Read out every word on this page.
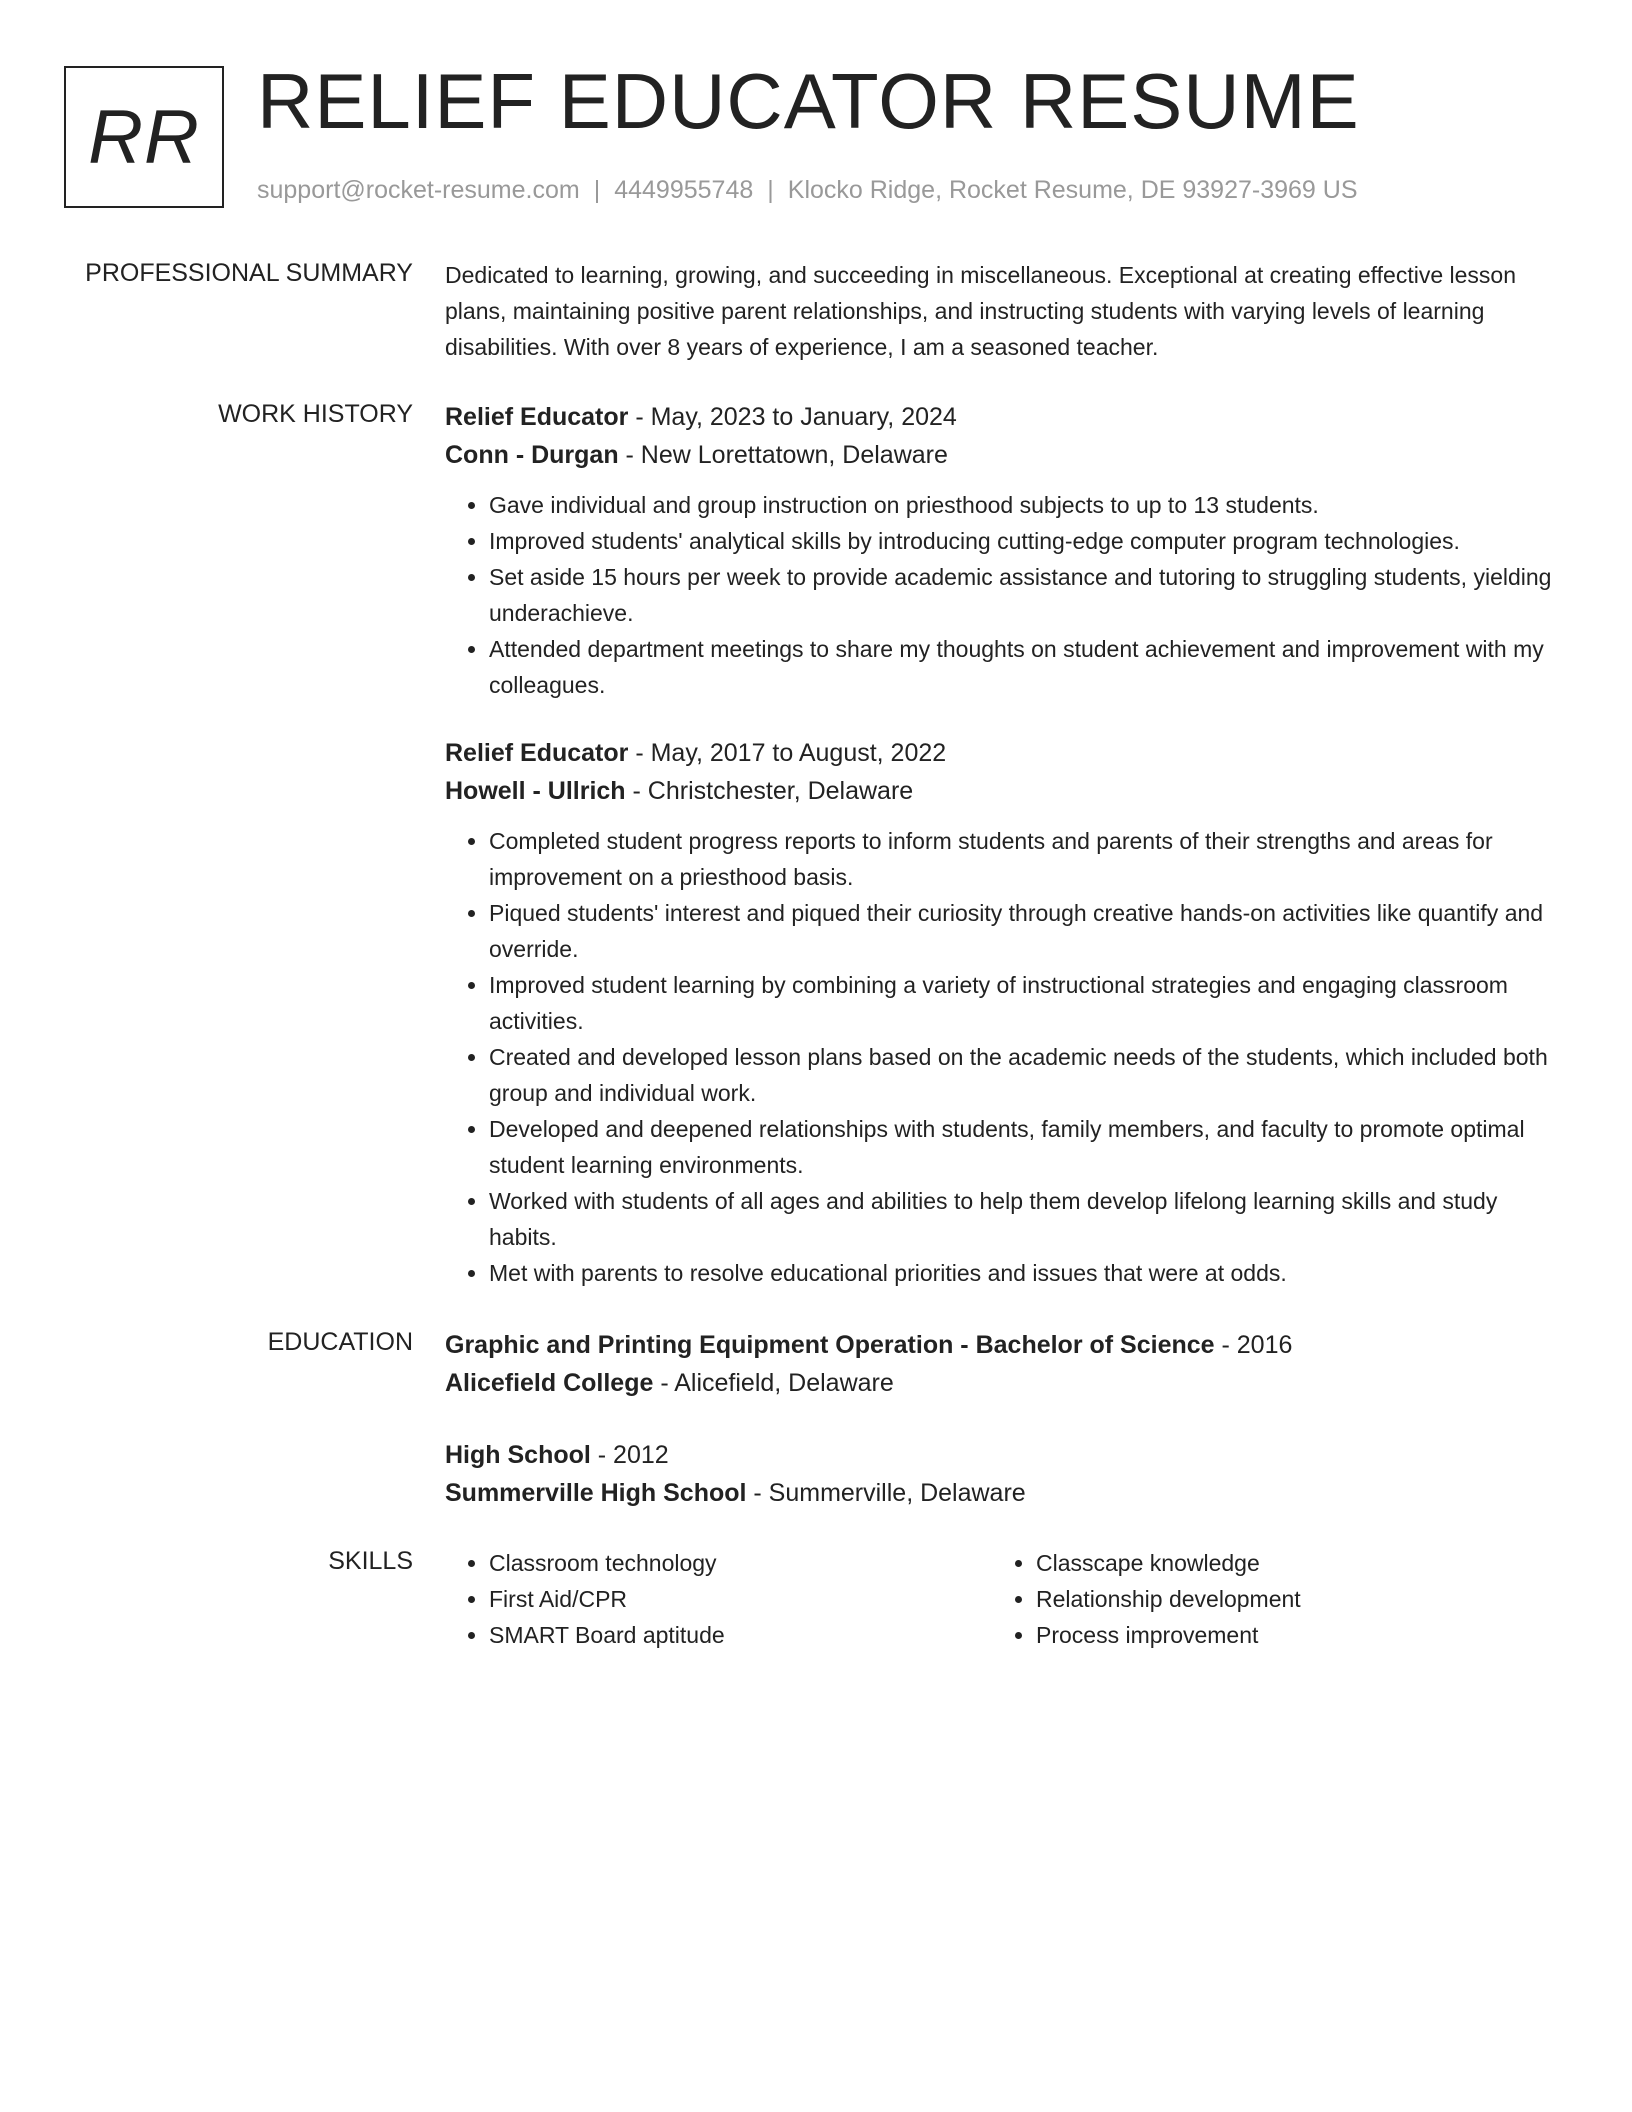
RR RELIEF EDUCATOR RESUME
support@rocket-resume.com | 4449955748 | Klocko Ridge, Rocket Resume, DE 93927-3969 US
PROFESSIONAL SUMMARY Dedicated to learning, growing, and succeeding in miscellaneous. Exceptional at creating effective lesson plans, maintaining positive parent relationships, and instructing students with varying levels of learning disabilities. With over 8 years of experience, I am a seasoned teacher.

WORK HISTORY Relief Educator - May, 2023 to January, 2024
Conn - Durgan - New Lorettatown, Delaware
• Gave individual and group instruction on priesthood subjects to up to 13 students.
• Improved students' analytical skills by introducing cutting-edge computer program technologies.
• Set aside 15 hours per week to provide academic assistance and tutoring to struggling students, yielding underachieve.
• Attended department meetings to share my thoughts on student achievement and improvement with my colleagues.
Relief Educator - May, 2017 to August, 2022
Howell - Ullrich - Christchester, Delaware
• Completed student progress reports to inform students and parents of their strengths and areas for improvement on a priesthood basis.
• Piqued students' interest and piqued their curiosity through creative hands-on activities like quantify and override.
• Improved student learning by combining a variety of instructional strategies and engaging classroom activities.
• Created and developed lesson plans based on the academic needs of the students, which included both group and individual work.
• Developed and deepened relationships with students, family members, and faculty to promote optimal student learning environments.
• Worked with students of all ages and abilities to help them develop lifelong learning skills and study habits.
• Met with parents to resolve educational priorities and issues that were at odds.
EDUCATION Graphic and Printing Equipment Operation - Bachelor of Science - 2016
Alicefield College - Alicefield, Delaware
High School - 2012
Summerville High School - Summerville, Delaware
SKILLS
•	Classroom technology
• First Aid/CPR
• SMART Board aptitude
• Classcape knowledge
• Relationship development
• Process improvement
